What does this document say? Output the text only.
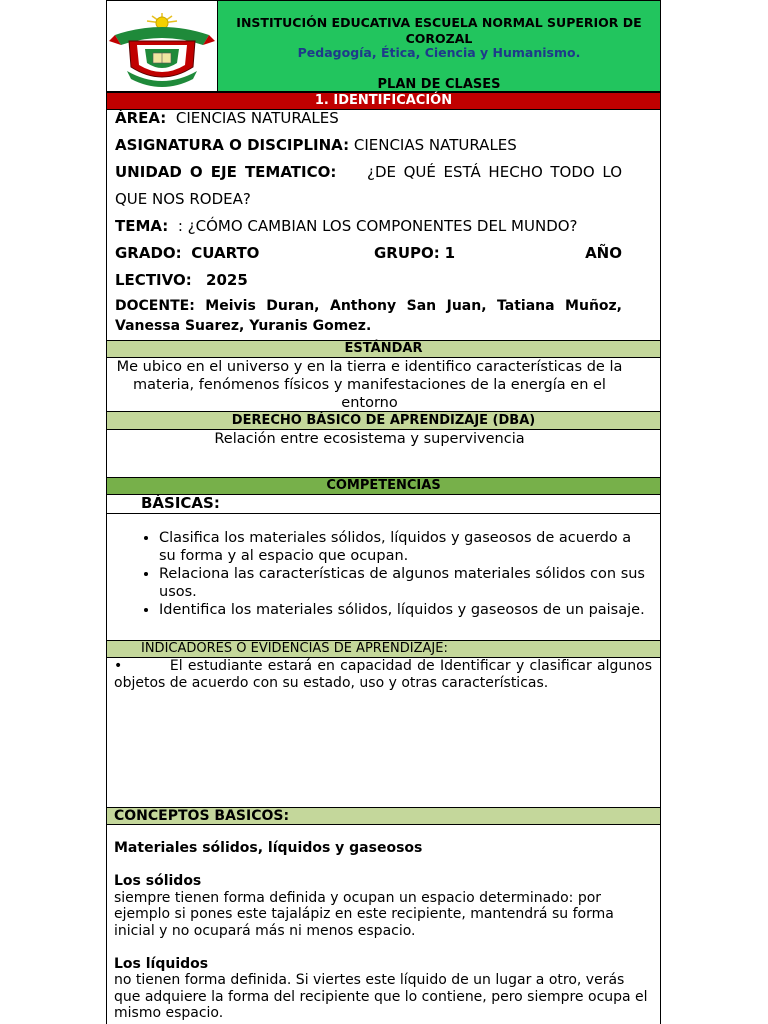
INSTITUCIÓN EDUCATIVA ESCUELA NORMAL SUPERIOR DE COROZAL
Pedagogía, Ética, Ciencia y Humanismo.
PLAN DE CLASES
1. IDENTIFICACIÓN
ÁREA: CIENCIAS NATURALES
ASIGNATURA O DISCIPLINA: CIENCIAS NATURALES
UNIDAD O EJE TEMATICO: ¿DE QUÉ ESTÁ HECHO TODO LO QUE NOS RODEA?
TEMA: : ¿CÓMO CAMBIAN LOS COMPONENTES DEL MUNDO?
GRADO: CUARTO	GRUPO: 1	AÑO
LECTIVO: 2025
DOCENTE: Meivis Duran, Anthony San Juan, Tatiana Muñoz, Vanessa Suarez, Yuranis Gomez.
ESTÁNDAR
Me ubico en el universo y en la tierra e identifico características de la materia, fenómenos físicos y manifestaciones de la energía en el entorno
DERECHO BÁSICO DE APRENDIZAJE (DBA)
Relación entre ecosistema y supervivencia
COMPETENCIAS
BÁSICAS:
• Clasifica los materiales sólidos, líquidos y gaseosos de acuerdo a su forma y al espacio que ocupan.
• Relaciona las características de algunos materiales sólidos con sus usos.
• Identifica los materiales sólidos, líquidos y gaseosos de un paisaje.
INDICADORES O EVIDENCIAS DE APRENDIZAJE:
•	El estudiante estará en capacidad de Identificar y clasificar algunos objetos de acuerdo con su estado, uso y otras características.
CONCEPTOS BASICOS:

Materiales sólidos, líquidos y gaseosos

Los sólidos

siempre tienen forma definida y ocupan un espacio determinado: por ejemplo si pones este tajalápiz en este recipiente, mantendrá su forma inicial y no ocupará más ni menos espacio.

Los líquidos

no tienen forma definida. Si viertes este líquido de un lugar a otro, verás que adquiere la forma del recipiente que lo contiene, pero siempre ocupa el mismo espacio.
